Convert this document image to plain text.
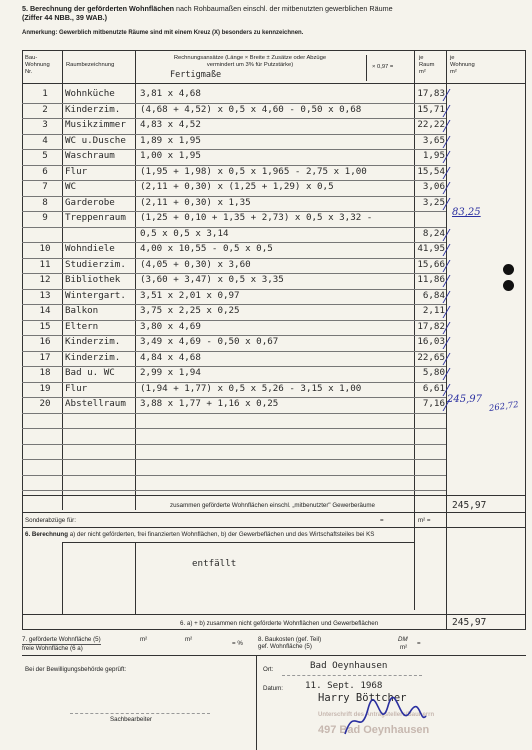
5. Berechnung der geförderten Wohnflächen nach Rohbaumaßen einschl. der mitbenutzten gewerblichen Räume
(Ziffer 44 NBB., 39 WAB.)
Anmerkung: Gewerblich mitbenutzte Räume sind mit einem Kreuz (X) besonders zu kennzeichnen.
Bau-
Wohnung
Nr.
Raumbezeichnung
Rechnungsansätze (Länge × Breite ± Zusätze oder Abzüge
vermindert um 3% für Putzstärke)	× 0,97 =
Fertigmaße
je
Raum
m²
je
Wohnung
m²
1	Wohnküche	3,81 x 4,68	17,83
2	Kinderzim. (4,68 + 4,52) x 0,5 x 4,60 - 0,50 x 0,68	15,71
3	Musikzimmer 4,83 x 4,52	22,22
4	WC u.Dusche 1,89 x 1,95	3,65
5	Waschraum	1,00 x 1,95	1,95
6	Flur	(1,95 + 1,98) x 0,5 x 1,965 - 2,75 x 1,00	15,54
7	WC	(2,11 + 0,30) x (1,25 + 1,29) x 0,5	3,06
8	Garderobe	(2,11 + 0,30) x 1,35	3,25
9	Treppenraum (1,25 + 0,10 + 1,35 + 2,73) x 0,5 x 3,32 -
0,5 x 0,5 x 3,14	8,24
10	Wohndiele	4,00 x 10,55 - 0,5 x 0,5	41,95
11	Studierzim. (4,05 + 0,30) x 3,60	15,66
12	Bibliothek (3,60 + 3,47) x 0,5 x 3,35	11,86
13	Wintergart. 3,51 x 2,01 x 0,97	6,84
14	Balkon	3,75 x 2,25 x 0,25	2,11
15	Eltern	3,80 x 4,69	17,82
16	Kinderzim. 3,49 x 4,69 - 0,50 x 0,67	16,03
17	Kinderzim. 4,84 x 4,68	22,65
18	Bad u. WC	2,99 x 1,94	5,80
19	Flur	(1,94 + 1,77) x 0,5 x 5,26 - 3,15 x 1,00	6,61
20	Abstellraum 3,88 x 1,77 + 1,16 x 0,25	7,16
83,25
245,97
262,72
zusammen geförderte Wohnflächen einschl. „mitbenutzter" Gewerberäume	245,97
Sonderabzüge für:	=	m² =
6. Berechnung a) der nicht geförderten, frei finanzierten Wohnflächen, b) der Gewerbeflächen und des Wirtschaftsteiles bei KS
entfällt
6. a) + b) zusammen nicht geförderte Wohnflächen und Gewerbeflächen	245,97
7. geförderte Wohnfläche (5)
freie Wohnfläche (6 a)
m²	m²
= %
8. Baukosten (gef. Teil)
gef. Wohnfläche (5)
DM
m²
=
Bei der Bewilligungsbehörde geprüft:	Ort:	Bad Oeynhausen
Datum: 11. Sept. 1968
Harry Böttcher
Sachbearbeiter
Unterschrift des Antragstellers/Bauherrn
497 Bad Oeynhausen
